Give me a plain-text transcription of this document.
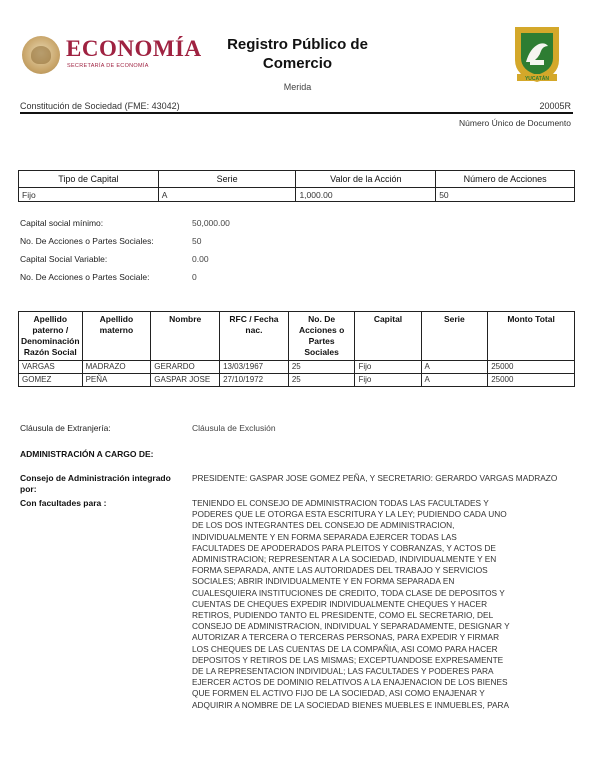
ECONOMÍA
SECRETARÍA DE ECONOMÍA
Registro Público de Comercio
Merida
YUCATÁN
Constitución de Sociedad (FME: 43042)	20005R
Número Único de Documento
Tipo de Capital	Serie	Valor de la Acción	Número de Acciones
Fijo	A	1,000.00	50
Capital social mínimo:	50,000.00
No. De Acciones o Partes Sociales:	50
Capital Social Variable:	0.00
No. De Acciones o Partes Sociale:	0
Apellido paterno / Denominación Razón Social	Apellido materno	Nombre	RFC / Fecha nac.	No. De Acciones o Partes Sociales	Capital	Serie	Monto Total
VARGAS	MADRAZO	GERARDO	13/03/1967	25	Fijo	A	25000
GOMEZ	PEÑA	GASPAR JOSE	27/10/1972	25	Fijo	A	25000
Cláusula de Extranjería:	Cláusula de Exclusión
ADMINISTRACIÓN A CARGO DE:
Consejo de Administración integrado por:
PRESIDENTE: GASPAR JOSE GOMEZ PEÑA, Y SECRETARIO: GERARDO VARGAS MADRAZO
Con facultades para :	TENIENDO EL CONSEJO DE ADMINISTRACION TODAS LAS FACULTADES Y
PODERES QUE LE OTORGA ESTA ESCRITURA Y LA LEY; PUDIENDO CADA UNO
DE LOS DOS INTEGRANTES DEL CONSEJO DE ADMINISTRACION,
INDIVIDUALMENTE Y EN FORMA SEPARADA EJERCER TODAS LAS
FACULTADES DE APODERADOS PARA PLEITOS Y COBRANZAS, Y ACTOS DE
ADMINISTRACION; REPRESENTAR A LA SOCIEDAD, INDIVIDUALMENTE Y EN
FORMA SEPARADA, ANTE LAS AUTORIDADES DEL TRABAJO Y SERVICIOS
SOCIALES; ABRIR INDIVIDUALMENTE Y EN FORMA SEPARADA EN
CUALESQUIERA INSTITUCIONES DE CREDITO, TODA CLASE DE DEPOSITOS Y
CUENTAS DE CHEQUES EXPEDIR INDIVIDUALMENTE CHEQUES Y HACER
RETIROS, PUDIENDO TANTO EL PRESIDENTE, COMO EL SECRETARIO, DEL
CONSEJO DE ADMINISTRACION, INDIVIDUAL Y SEPARADAMENTE, DESIGNAR Y
AUTORIZAR A TERCERA O TERCERAS PERSONAS, PARA EXPEDIR Y FIRMAR
LOS CHEQUES DE LAS CUENTAS DE LA COMPAÑIA, ASI COMO PARA HACER
DEPOSITOS Y RETIROS DE LAS MISMAS; EXCEPTUANDOSE EXPRESAMENTE
DE LA REPRESENTACION INDIVIDUAL; LAS FACULTADES Y PODERES PARA
EJERCER ACTOS DE DOMINIO RELATIVOS A LA ENAJENACION DE LOS BIENES
QUE FORMEN EL ACTIVO FIJO DE LA SOCIEDAD, ASI COMO ENAJENAR Y
ADQUIRIR A NOMBRE DE LA SOCIEDAD BIENES MUEBLES E INMUEBLES, PARA
